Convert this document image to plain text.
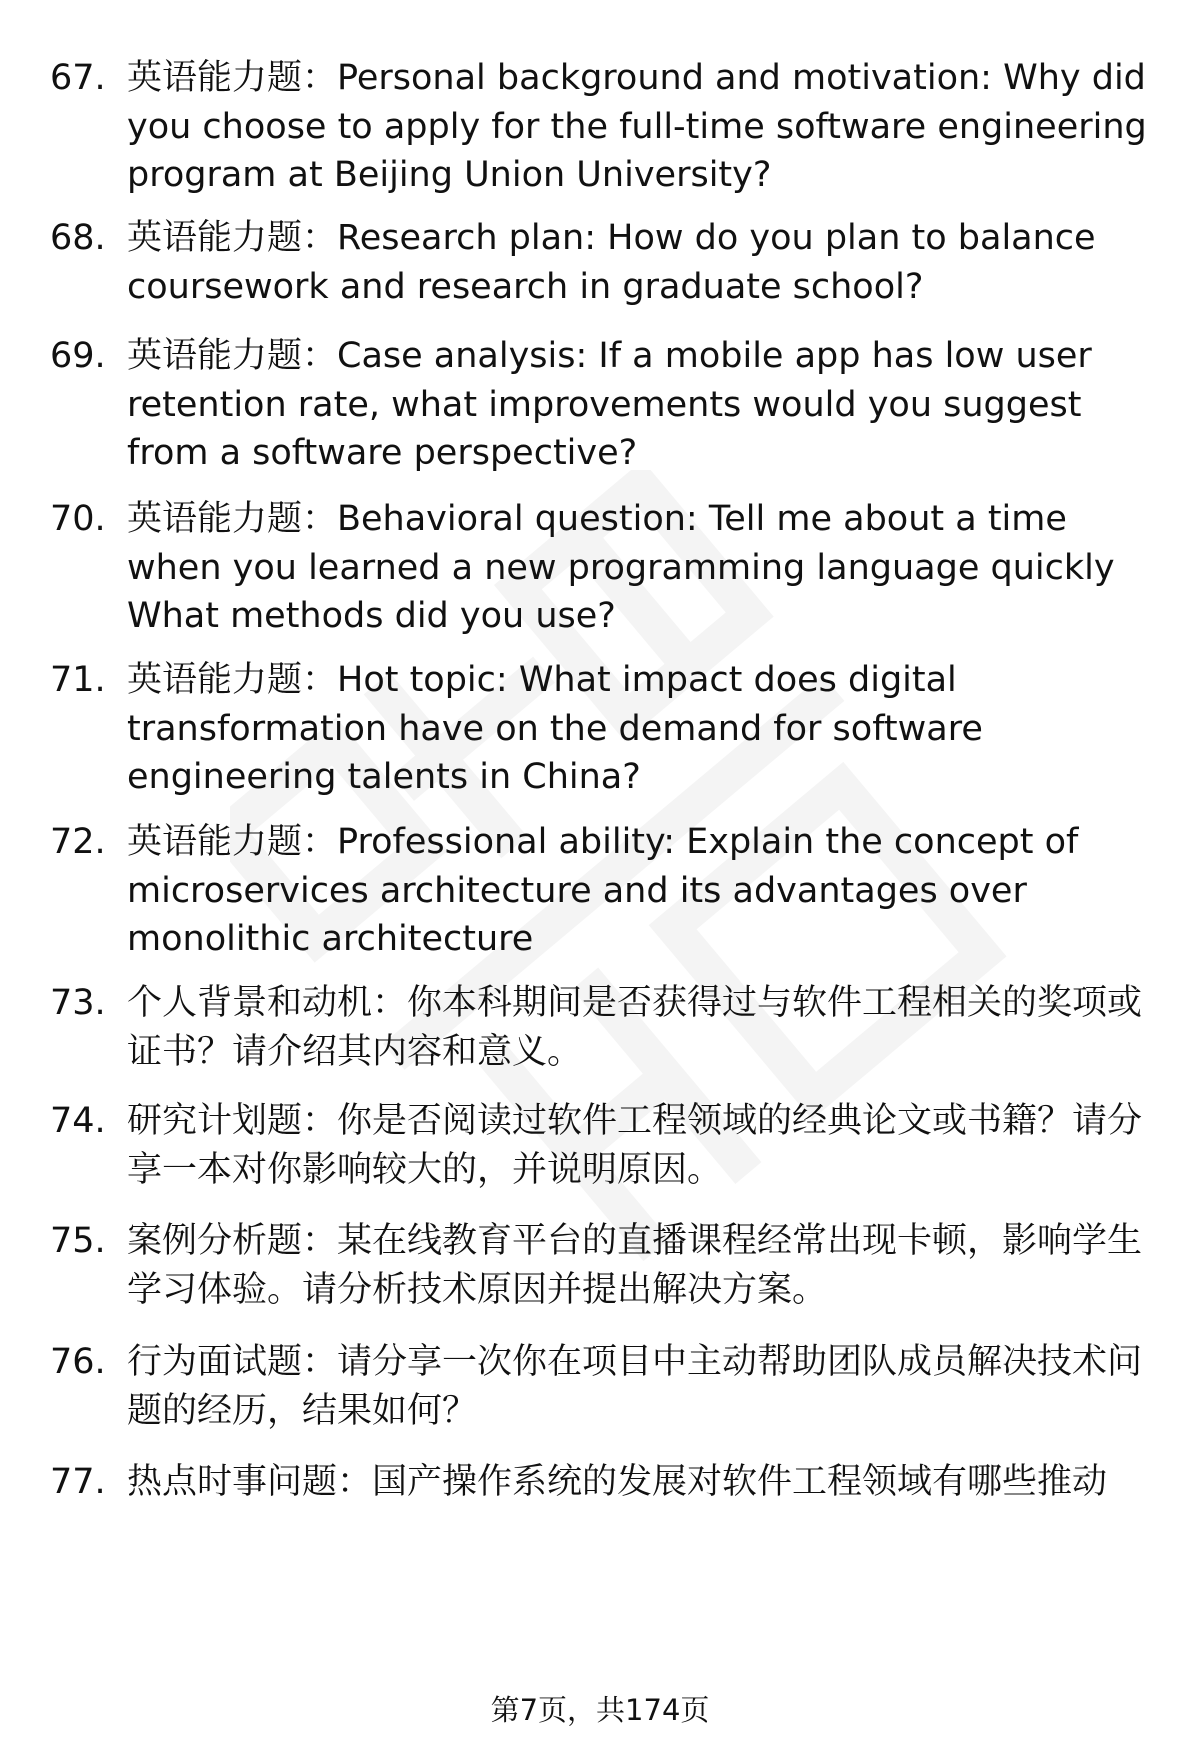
67. 英语能力题：Personal background and motivation: Why did you choose to apply for the full-time software engineering program at Beijing Union University?
68. 英语能力题：Research plan: How do you plan to balance coursework and research in graduate school?
69. 英语能力题：Case analysis: If a mobile app has low user retention rate, what improvements would you suggest from a software perspective?
70. 英语能力题：Behavioral question: Tell me about a time when you learned a new programming language quickly What methods did you use?
71. 英语能力题：Hot topic: What impact does digital transformation have on the demand for software engineering talents in China?
72. 英语能力题：Professional ability: Explain the concept of microservices architecture and its advantages over monolithic architecture
73. 个人背景和动机：你本科期间是否获得过与软件工程相关的奖项或证书？请介绍其内容和意义。
74. 研究计划题：你是否阅读过软件工程领域的经典论文或书籍？请分享一本对你影响较大的，并说明原因。
75. 案例分析题：某在线教育平台的直播课程经常出现卡顿，影响学生学习体验。请分析技术原因并提出解决方案。
76. 行为面试题：请分享一次你在项目中主动帮助团队成员解决技术问题的经历，结果如何？
77. 热点时事问题：国产操作系统的发展对软件工程领域有哪些推动
第7页，共174页
